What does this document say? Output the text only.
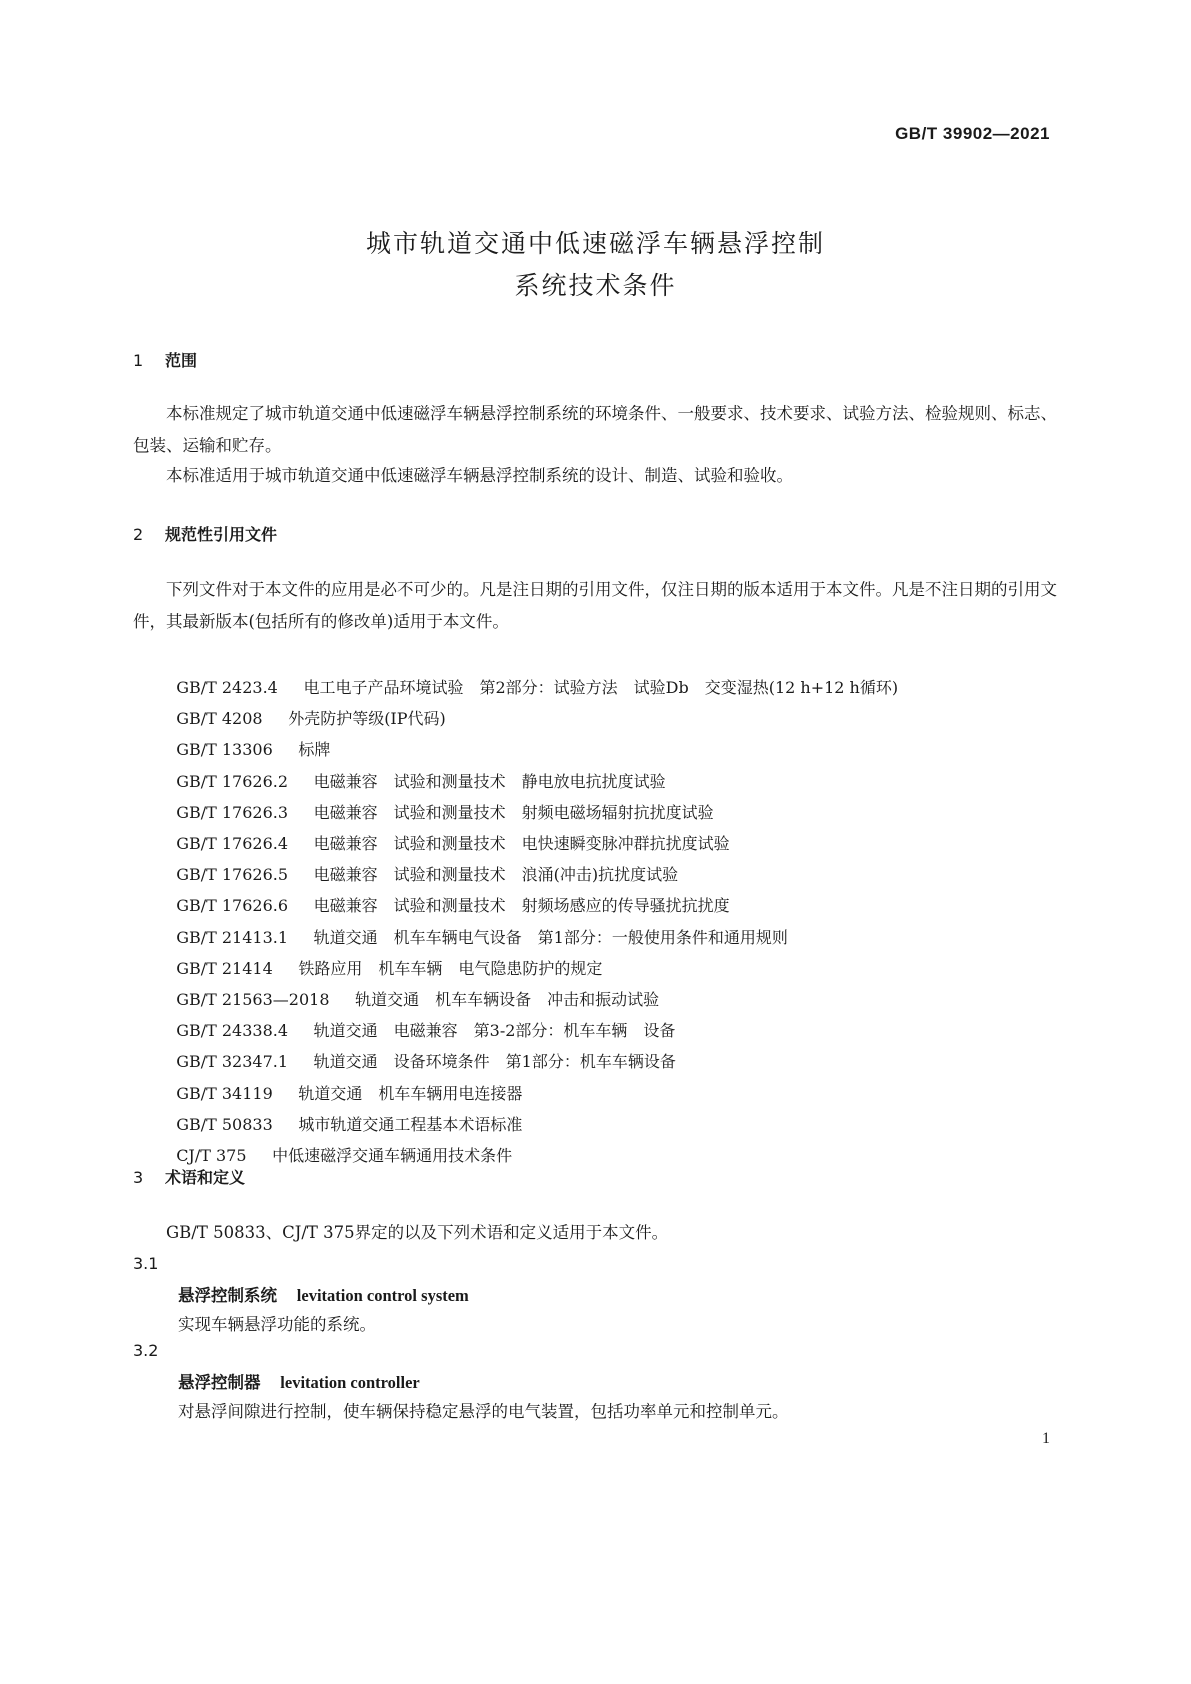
GB/T 39902—2021
城市轨道交通中低速磁浮车辆悬浮控制
系统技术条件
1 范围
本标准规定了城市轨道交通中低速磁浮车辆悬浮控制系统的环境条件、一般要求、技术要求、试验方法、检验规则、标志、包装、运输和贮存。
本标准适用于城市轨道交通中低速磁浮车辆悬浮控制系统的设计、制造、试验和验收。
2 规范性引用文件
下列文件对于本文件的应用是必不可少的。凡是注日期的引用文件，仅注日期的版本适用于本文件。凡是不注日期的引用文件，其最新版本(包括所有的修改单)适用于本文件。
GB/T 2423.4 电工电子产品环境试验　第2部分：试验方法　试验Db　交变湿热(12 h+12 h循环)
GB/T 4208 外壳防护等级(IP代码)
GB/T 13306 标牌
GB/T 17626.2 电磁兼容　试验和测量技术　静电放电抗扰度试验
GB/T 17626.3 电磁兼容　试验和测量技术　射频电磁场辐射抗扰度试验
GB/T 17626.4 电磁兼容　试验和测量技术　电快速瞬变脉冲群抗扰度试验
GB/T 17626.5 电磁兼容　试验和测量技术　浪涌(冲击)抗扰度试验
GB/T 17626.6 电磁兼容　试验和测量技术　射频场感应的传导骚扰抗扰度
GB/T 21413.1 轨道交通　机车车辆电气设备　第1部分：一般使用条件和通用规则
GB/T 21414 铁路应用　机车车辆　电气隐患防护的规定
GB/T 21563—2018 轨道交通　机车车辆设备　冲击和振动试验
GB/T 24338.4 轨道交通　电磁兼容　第3-2部分：机车车辆　设备
GB/T 32347.1 轨道交通　设备环境条件　第1部分：机车车辆设备
GB/T 34119 轨道交通　机车车辆用电连接器
GB/T 50833 城市轨道交通工程基本术语标准
CJ/T 375 中低速磁浮交通车辆通用技术条件
3 术语和定义
GB/T 50833、CJ/T 375界定的以及下列术语和定义适用于本文件。
3.1
悬浮控制系统 levitation control system
实现车辆悬浮功能的系统。
3.2
悬浮控制器 levitation controller
对悬浮间隙进行控制，使车辆保持稳定悬浮的电气装置，包括功率单元和控制单元。
1
